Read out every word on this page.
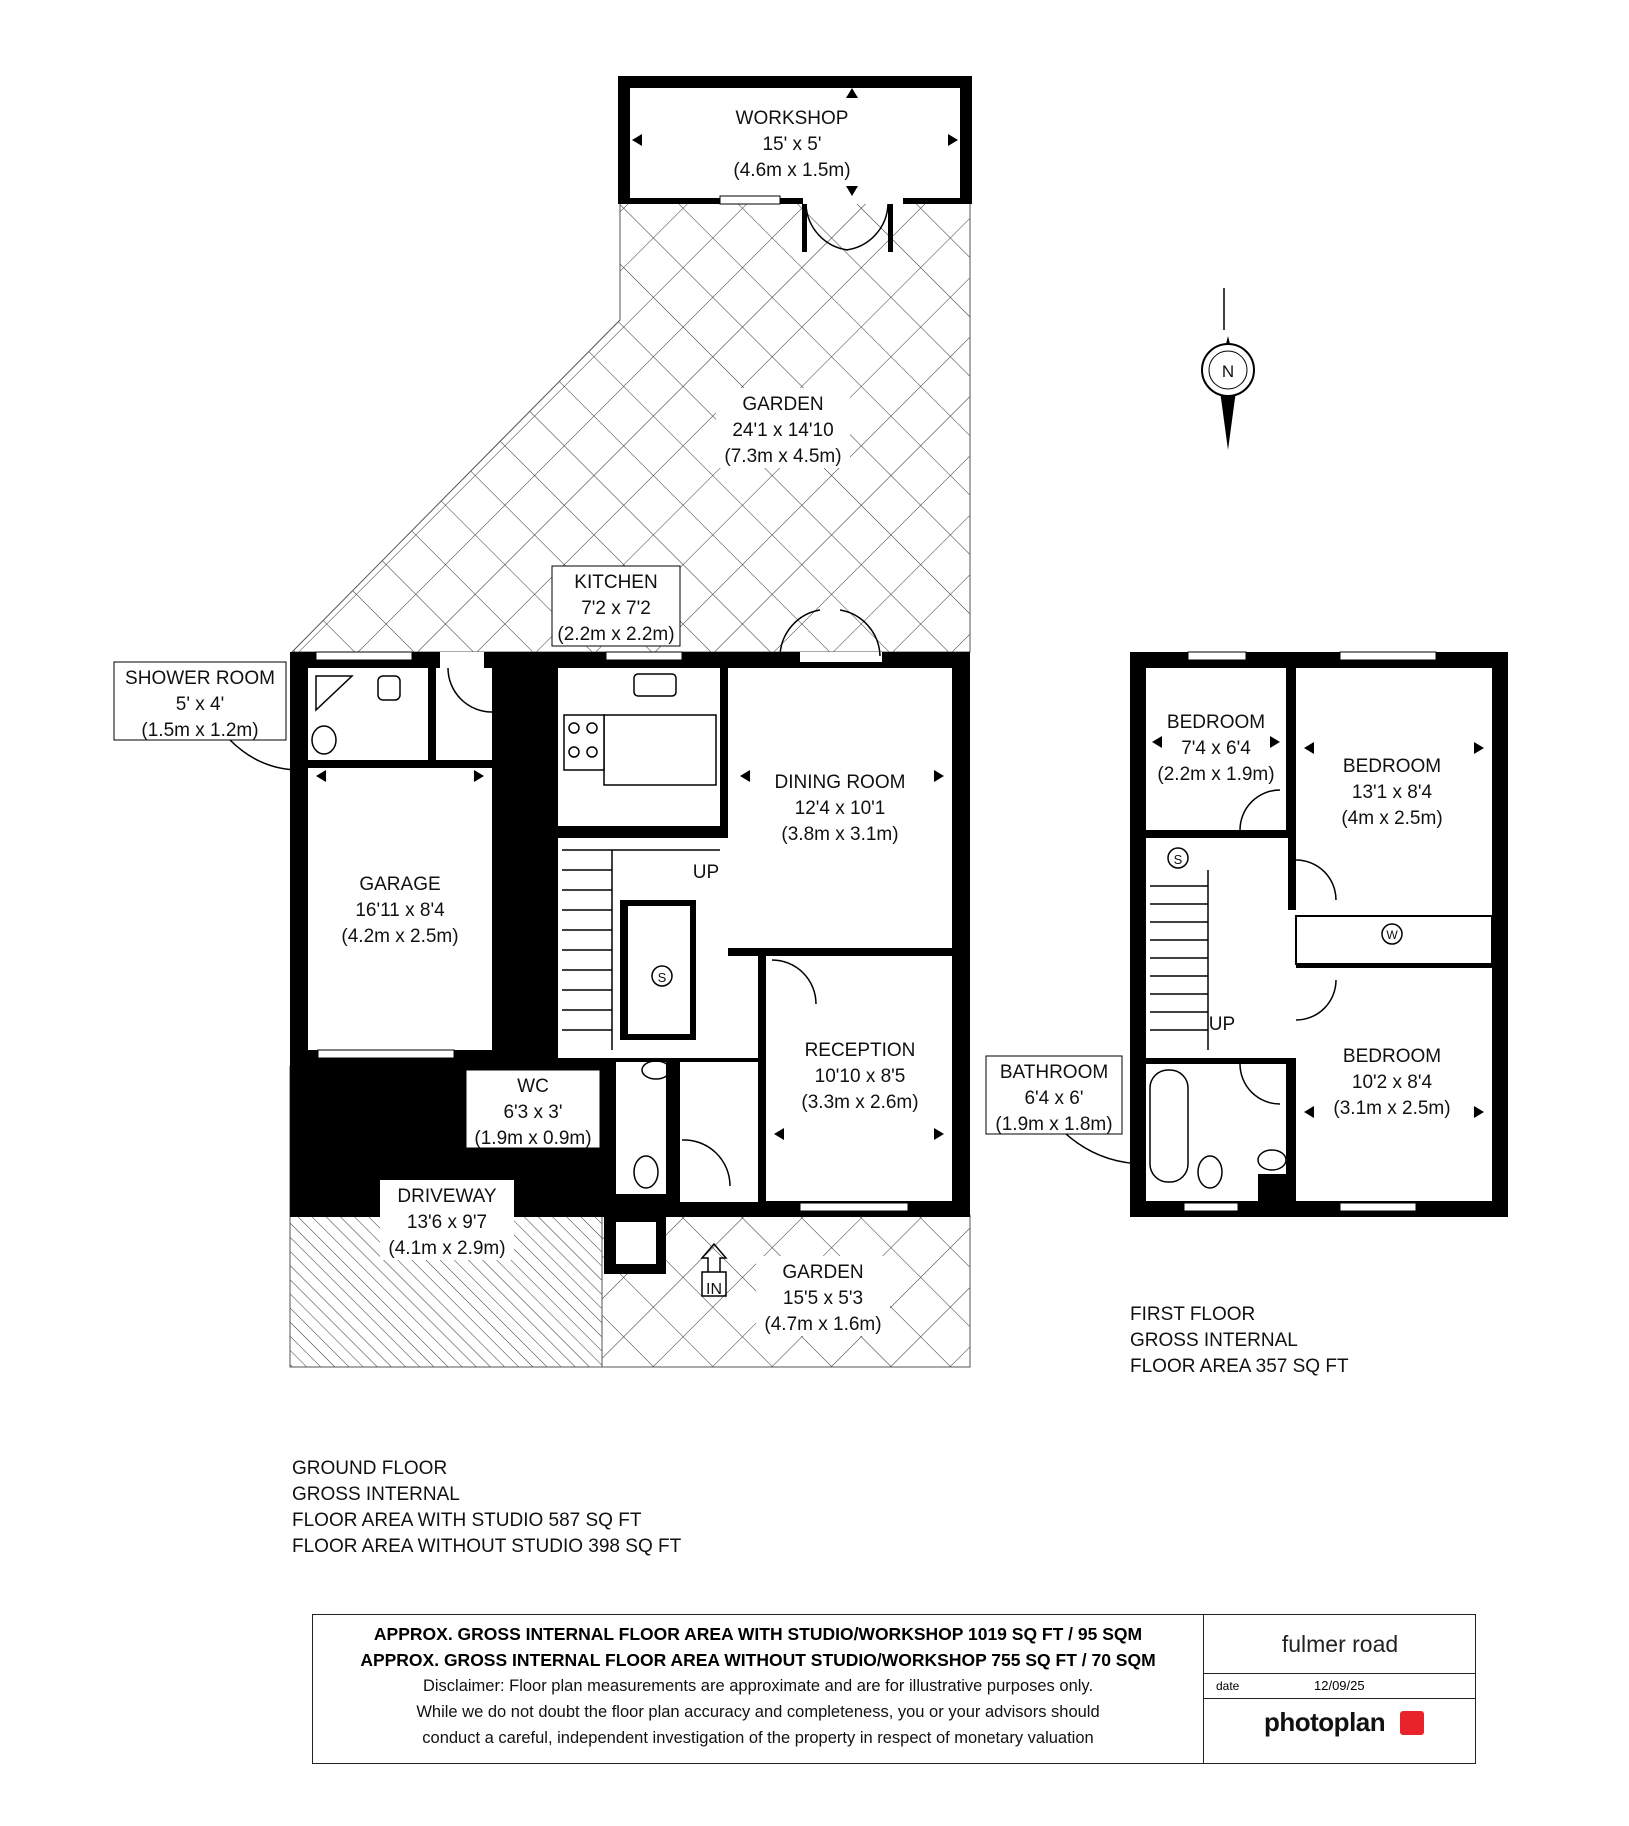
N
WORKSHOP
15' x 5'
(4.6m x 1.5m)
GARDEN
24'1 x 14'10
(7.3m x 4.5m)
KITCHEN
7'2 x 7'2
(2.2m x 2.2m)
SHOWER ROOM
5' x 4'
(1.5m x 1.2m)
DINING ROOM
12'4 x 10'1
(3.8m x 3.1m)
GARAGE
16'11 x 8'4
(4.2m x 2.5m)
RECEPTION
10'10 x 8'5
(3.3m x 2.6m)
WC
6'3 x 3'
(1.9m x 0.9m)
DRIVEWAY
13'6 x 9'7
(4.1m x 2.9m)
GARDEN
15'5 x 5'3
(4.7m x 1.6m)
BEDROOM
7'4 x 6'4
(2.2m x 1.9m)	BEDROOM
13'1 x 8'4
(4m x 2.5m)
BEDROOM
10'2 x 8'4
(3.1m x 2.5m)
BATHROOM
6'4 x 6'
(1.9m x 1.8m)
UP
UP
IN
S
S
W
FIRST FLOOR
GROSS INTERNAL
FLOOR AREA 357 SQ FT
GROUND FLOOR
GROSS INTERNAL
FLOOR AREA WITH STUDIO 587 SQ FT
FLOOR AREA WITHOUT STUDIO 398 SQ FT
APPROX. GROSS INTERNAL FLOOR AREA WITH STUDIO/WORKSHOP 1019 SQ FT / 95 SQM
APPROX. GROSS INTERNAL FLOOR AREA WITHOUT STUDIO/WORKSHOP 755 SQ FT / 70 SQM
Disclaimer: Floor plan measurements are approximate and are for illustrative purposes only.
While we do not doubt the floor plan accuracy and completeness, you or your advisors should
conduct a careful, independent investigation of the property in respect of monetary valuation
fulmer road
date	12/09/25
photoplan
